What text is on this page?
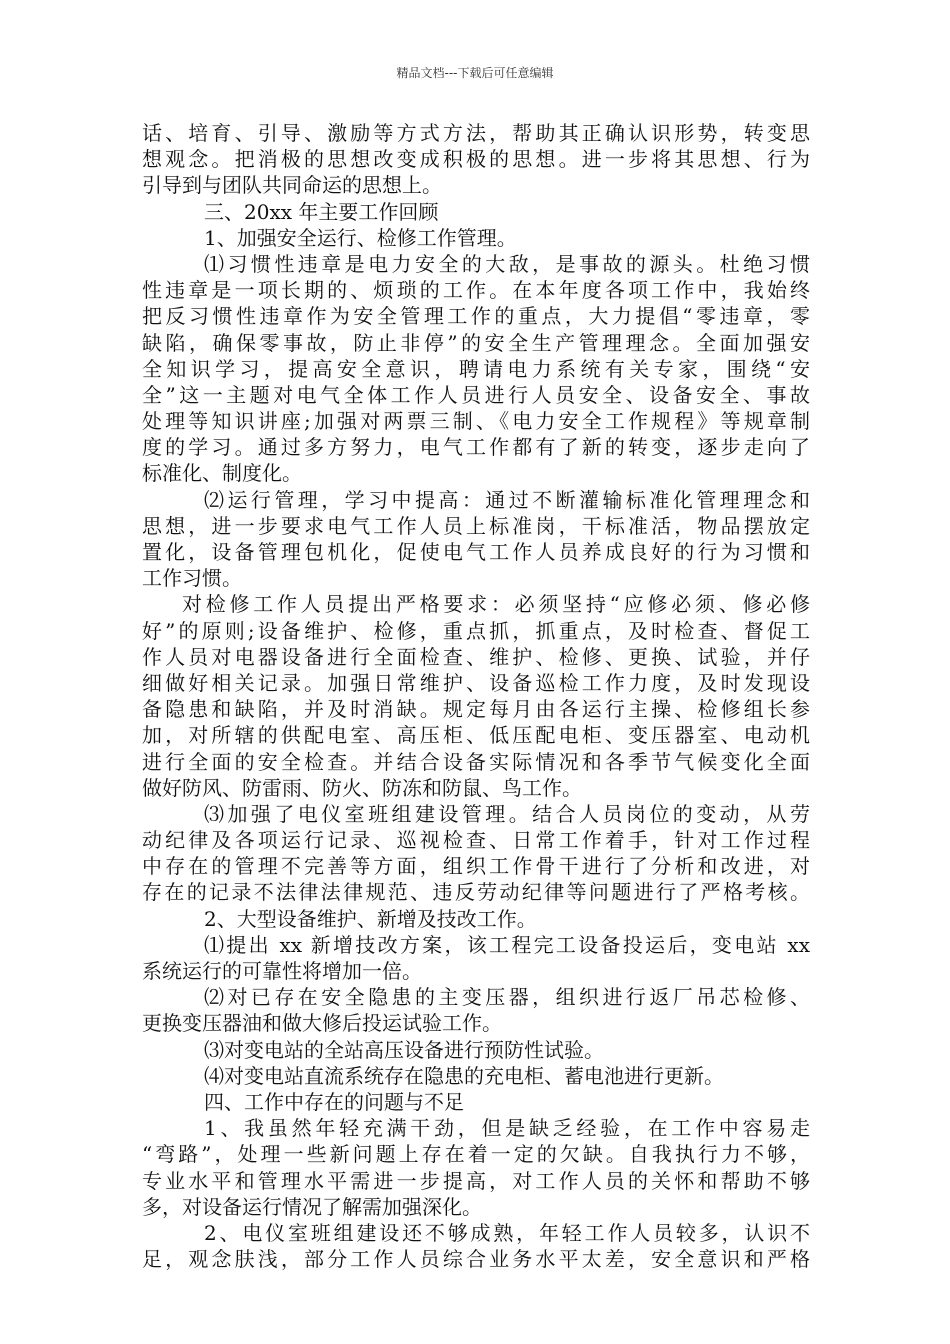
精品文档---下载后可任意编辑
话、培育、引导、激励等方式方法，帮助其正确认识形势，转变思
想观念。把消极的思想改变成积极的思想。进一步将其思想、行为
引导到与团队共同命运的思想上。
三、20xx 年主要工作回顾
1、加强安全运行、检修工作管理。
⑴习惯性违章是电力安全的大敌，是事故的源头。杜绝习惯
性违章是一项长期的、烦琐的工作。在本年度各项工作中，我始终
把反习惯性违章作为安全管理工作的重点，大力提倡“零违章，零
缺陷，确保零事故，防止非停”的安全生产管理理念。全面加强安
全知识学习，提高安全意识，聘请电力系统有关专家，围绕“安
全”这一主题对电气全体工作人员进行人员安全、设备安全、事故
处理等知识讲座;加强对两票三制、《电力安全工作规程》等规章制
度的学习。通过多方努力，电气工作都有了新的转变，逐步走向了
标准化、制度化。
⑵运行管理，学习中提高：通过不断灌输标准化管理理念和
思想，进一步要求电气工作人员上标准岗，干标准活，物品摆放定
置化，设备管理包机化，促使电气工作人员养成良好的行为习惯和
工作习惯。
对检修工作人员提出严格要求：必须坚持“应修必须、修必修
好”的原则;设备维护、检修，重点抓，抓重点，及时检查、督促工
作人员对电器设备进行全面检查、维护、检修、更换、试验，并仔
细做好相关记录。加强日常维护、设备巡检工作力度，及时发现设
备隐患和缺陷，并及时消缺。规定每月由各运行主操、检修组长参
加，对所辖的供配电室、高压柜、低压配电柜、变压器室、电动机
进行全面的安全检查。并结合设备实际情况和各季节气候变化全面
做好防风、防雷雨、防火、防冻和防鼠、鸟工作。
⑶加强了电仪室班组建设管理。结合人员岗位的变动，从劳
动纪律及各项运行记录、巡视检查、日常工作着手，针对工作过程
中存在的管理不完善等方面，组织工作骨干进行了分析和改进，对
存在的记录不法律法律规范、违反劳动纪律等问题进行了严格考核。
2、大型设备维护、新增及技改工作。
⑴提出 xx 新增技改方案，该工程完工设备投运后，变电站 xx
系统运行的可靠性将增加一倍。
⑵对已存在安全隐患的主变压器，组织进行返厂吊芯检修、
更换变压器油和做大修后投运试验工作。
⑶对变电站的全站高压设备进行预防性试验。
⑷对变电站直流系统存在隐患的充电柜、蓄电池进行更新。
四、工作中存在的问题与不足
1、我虽然年轻充满干劲，但是缺乏经验，在工作中容易走
“弯路”，处理一些新问题上存在着一定的欠缺。自我执行力不够，
专业水平和管理水平需进一步提高，对工作人员的关怀和帮助不够
多，对设备运行情况了解需加强深化。
2、电仪室班组建设还不够成熟，年轻工作人员较多，认识不
足，观念肤浅，部分工作人员综合业务水平太差，安全意识和严格
